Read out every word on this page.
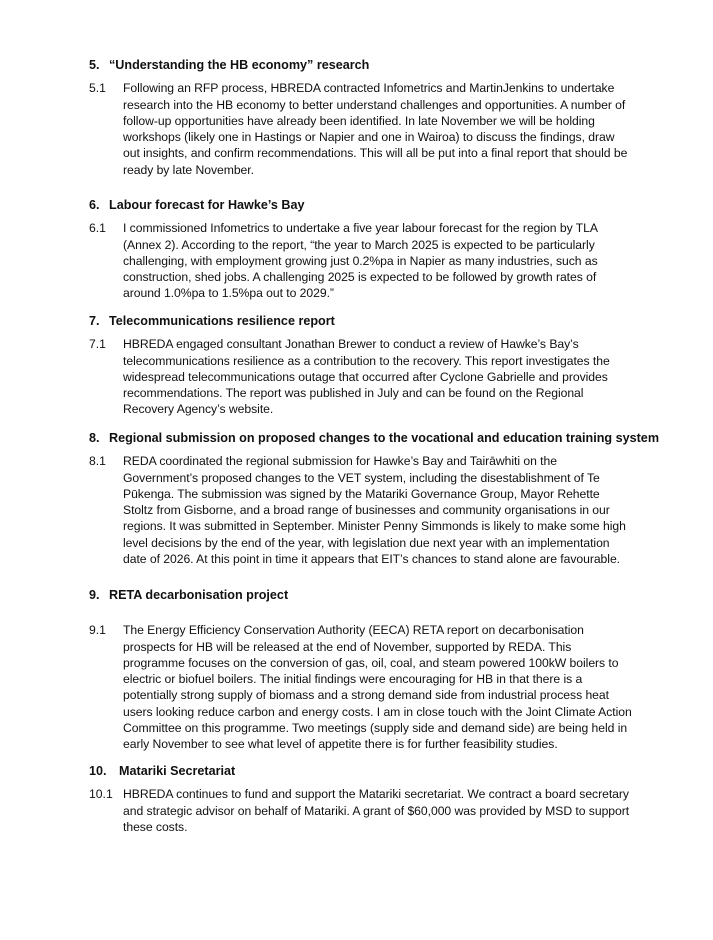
5. “Understanding the HB economy” research
5.1	Following an RFP process, HBREDA contracted Infometrics and MartinJenkins to undertake research into the HB economy to better understand challenges and opportunities. A number of follow-up opportunities have already been identified. In late November we will be holding workshops (likely one in Hastings or Napier and one in Wairoa) to discuss the findings, draw out insights, and confirm recommendations. This will all be put into a final report that should be ready by late November.
6. Labour forecast for Hawke’s Bay
6.1	I commissioned Infometrics to undertake a five year labour forecast for the region by TLA (Annex 2). According to the report, “the year to March 2025 is expected to be particularly challenging, with employment growing just 0.2%pa in Napier as many industries, such as construction, shed jobs. A challenging 2025 is expected to be followed by growth rates of around 1.0%pa to 1.5%pa out to 2029.”
7. Telecommunications resilience report
7.1	HBREDA engaged consultant Jonathan Brewer to conduct a review of Hawke’s Bay’s telecommunications resilience as a contribution to the recovery. This report investigates the widespread telecommunications outage that occurred after Cyclone Gabrielle and provides recommendations. The report was published in July and can be found on the Regional Recovery Agency’s website.
8. Regional submission on proposed changes to the vocational and education training system
8.1	REDA coordinated the regional submission for Hawke’s Bay and Tairāwhiti on the Government’s proposed changes to the VET system, including the disestablishment of Te Pūkenga. The submission was signed by the Matariki Governance Group, Mayor Rehette Stoltz from Gisborne, and a broad range of businesses and community organisations in our regions. It was submitted in September. Minister Penny Simmonds is likely to make some high level decisions by the end of the year, with legislation due next year with an implementation date of 2026. At this point in time it appears that EIT’s chances to stand alone are favourable.
9. RETA decarbonisation project
9.1	The Energy Efficiency Conservation Authority (EECA) RETA report on decarbonisation prospects for HB will be released at the end of November, supported by REDA. This programme focuses on the conversion of gas, oil, coal, and steam powered 100kW boilers to electric or biofuel boilers. The initial findings were encouraging for HB in that there is a potentially strong supply of biomass and a strong demand side from industrial process heat users looking reduce carbon and energy costs. I am in close touch with the Joint Climate Action Committee on this programme. Two meetings (supply side and demand side) are being held in early November to see what level of appetite there is for further feasibility studies.
10. Matariki Secretariat
10.1 HBREDA continues to fund and support the Matariki secretariat. We contract a board secretary and strategic advisor on behalf of Matariki. A grant of $60,000 was provided by MSD to support these costs.
